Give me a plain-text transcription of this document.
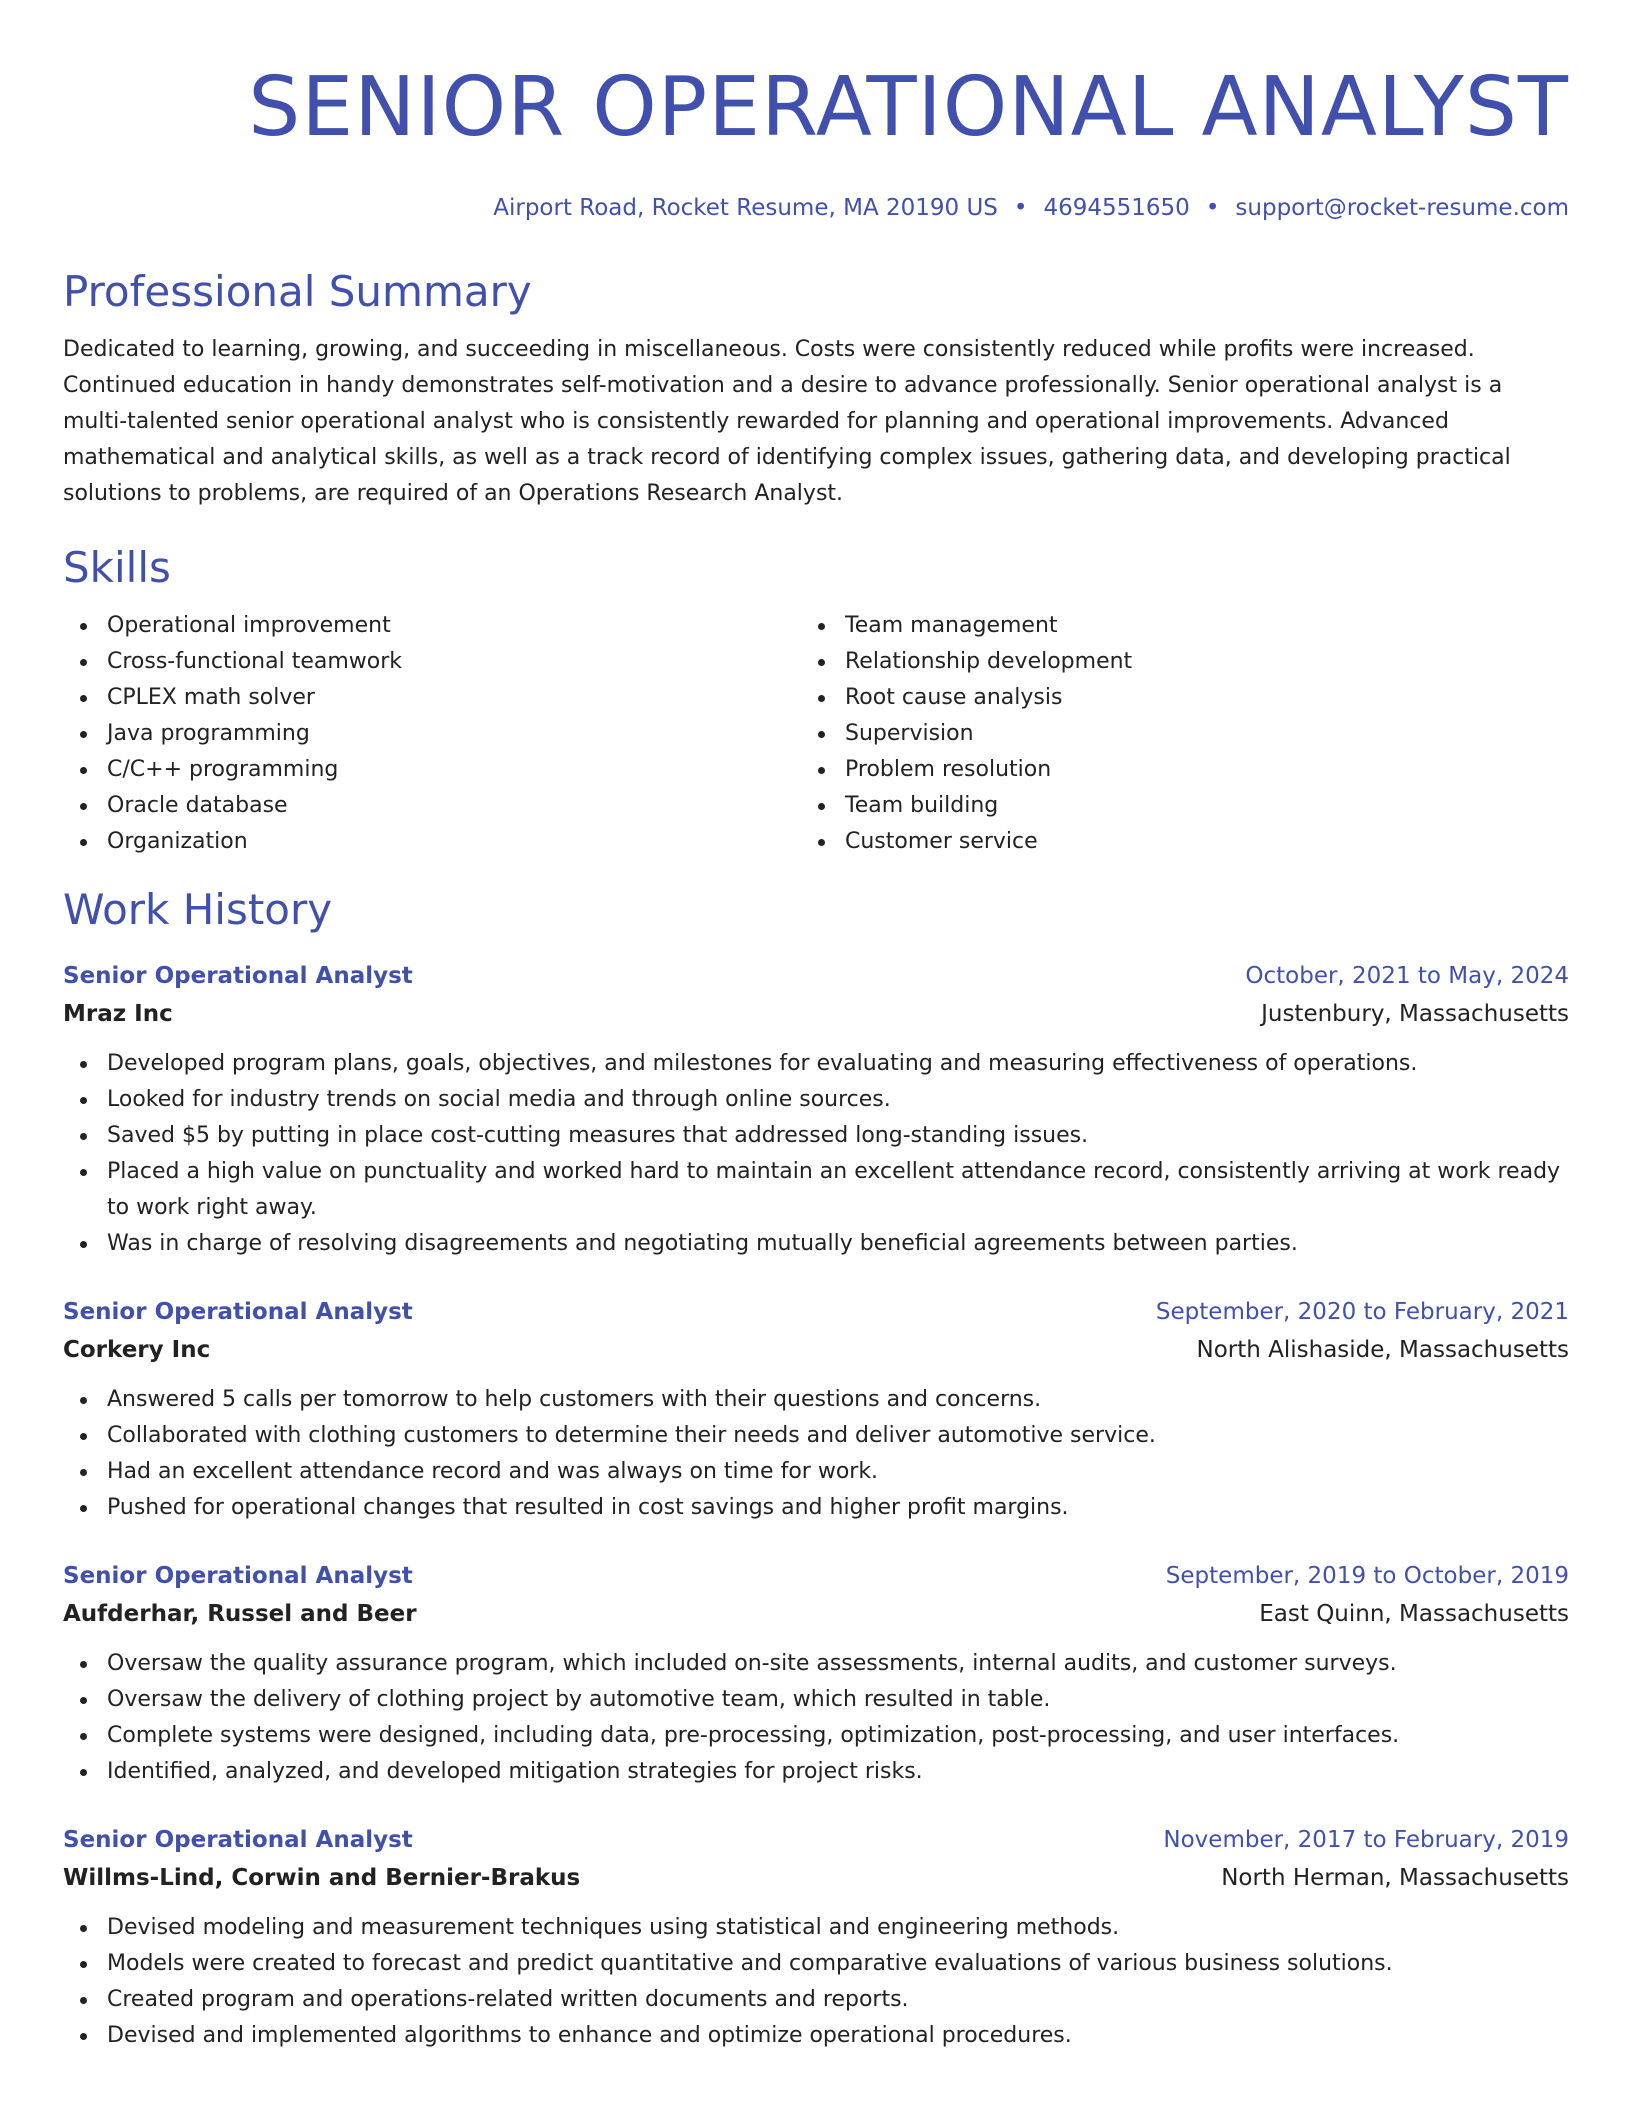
SENIOR OPERATIONAL ANALYST
Airport Road, Rocket Resume, MA 20190 US • 4694551650 • support@rocket-resume.com
Professional Summary

Dedicated to learning, growing, and succeeding in miscellaneous. Costs were consistently reduced while profits were increased. Continued education in handy demonstrates self-motivation and a desire to advance professionally. Senior operational analyst is a multi-talented senior operational analyst who is consistently rewarded for planning and operational improvements. Advanced mathematical and analytical skills, as well as a track record of identifying complex issues, gathering data, and developing practical solutions to problems, are required of an Operations Research Analyst.

Skills
Operational improvement
Cross-functional teamwork
CPLEX math solver
Java programming
C/C++ programming
Oracle database
Organization
Team management
Relationship development
Root cause analysis
Supervision
Problem resolution
Team building
Customer service
Work History
Senior Operational Analyst	October, 2021 to May, 2024
Mraz Inc	Justenbury, Massachusetts
Developed program plans, goals, objectives, and milestones for evaluating and measuring effectiveness of operations.
Looked for industry trends on social media and through online sources.
Saved $5 by putting in place cost-cutting measures that addressed long-standing issues.
Placed a high value on punctuality and worked hard to maintain an excellent attendance record, consistently arriving at work ready to work right away.
Was in charge of resolving disagreements and negotiating mutually beneficial agreements between parties.
Senior Operational Analyst	September, 2020 to February, 2021
Corkery Inc	North Alishaside, Massachusetts
Answered 5 calls per tomorrow to help customers with their questions and concerns.
Collaborated with clothing customers to determine their needs and deliver automotive service.
Had an excellent attendance record and was always on time for work.
Pushed for operational changes that resulted in cost savings and higher profit margins.
Senior Operational Analyst	September, 2019 to October, 2019
Aufderhar, Russel and Beer	East Quinn, Massachusetts
Oversaw the quality assurance program, which included on-site assessments, internal audits, and customer surveys.
Oversaw the delivery of clothing project by automotive team, which resulted in table.
Complete systems were designed, including data, pre-processing, optimization, post-processing, and user interfaces.
Identified, analyzed, and developed mitigation strategies for project risks.
Senior Operational Analyst	November, 2017 to February, 2019
Willms-Lind, Corwin and Bernier-Brakus	North Herman, Massachusetts
Devised modeling and measurement techniques using statistical and engineering methods.
Models were created to forecast and predict quantitative and comparative evaluations of various business solutions.
Created program and operations-related written documents and reports.
Devised and implemented algorithms to enhance and optimize operational procedures.
